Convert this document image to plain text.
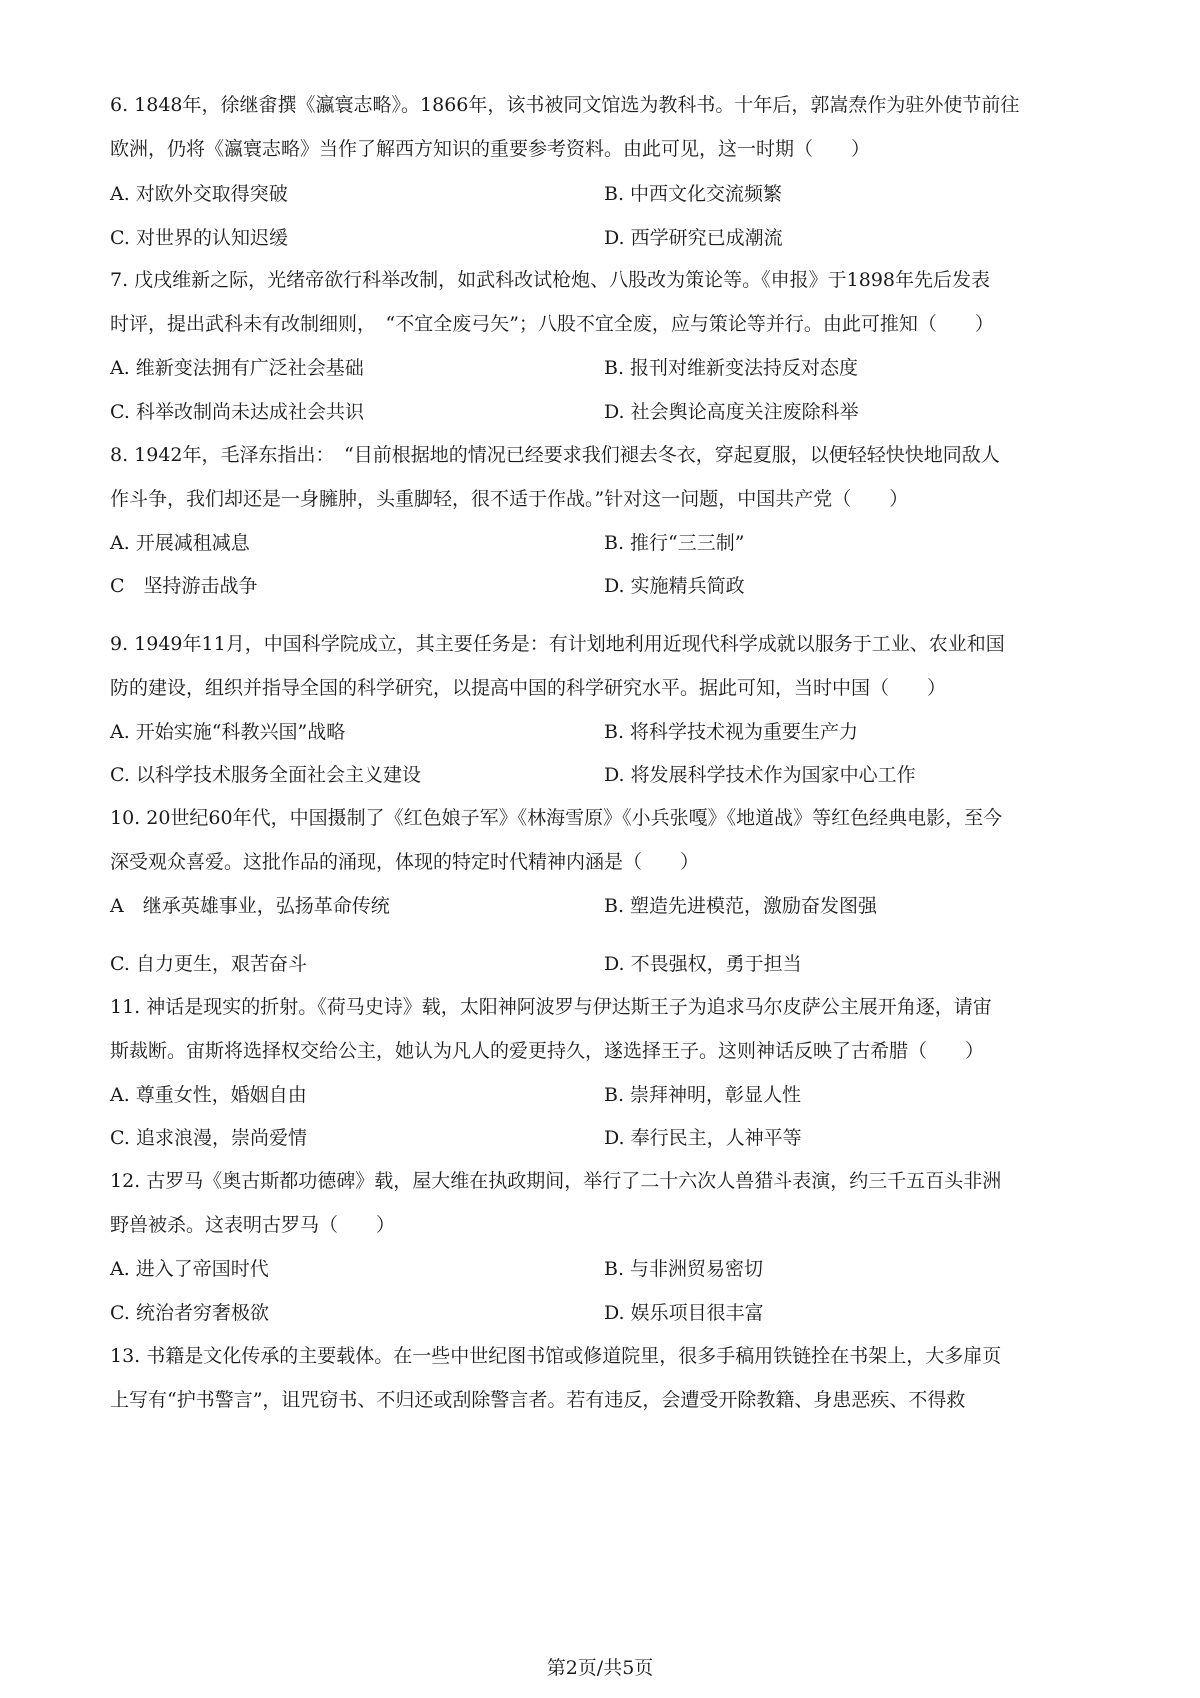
6. 1848年，徐继畬撰《瀛寰志略》。1866年，该书被同文馆选为教科书。十年后，郭嵩焘作为驻外使节前往
欧洲，仍将《瀛寰志略》当作了解西方知识的重要参考资料。由此可见，这一时期（　　）
A. 对欧外交取得突破	B. 中西文化交流频繁
C. 对世界的认知迟缓	D. 西学研究已成潮流
7. 戊戌维新之际，光绪帝欲行科举改制，如武科改试枪炮、八股改为策论等。《申报》于1898年先后发表
时评，提出武科未有改制细则，　“不宜全废弓矢”；八股不宜全废，应与策论等并行。由此可推知（　　）
A. 维新变法拥有广泛社会基础	B. 报刊对维新变法持反对态度
C. 科举改制尚未达成社会共识	D. 社会舆论高度关注废除科举
8. 1942年，毛泽东指出：　“目前根据地的情况已经要求我们褪去冬衣，穿起夏服，以便轻轻快快地同敌人
作斗争，我们却还是一身臃肿，头重脚轻，很不适于作战。”针对这一问题，中国共产党（　　）
A. 开展减租减息	B. 推行“三三制”
C　坚持游击战争	D. 实施精兵简政
9. 1949年11月，中国科学院成立，其主要任务是：有计划地利用近现代科学成就以服务于工业、农业和国
防的建设，组织并指导全国的科学研究，以提高中国的科学研究水平。据此可知，当时中国（　　）
A. 开始实施“科教兴国”战略	B. 将科学技术视为重要生产力
C. 以科学技术服务全面社会主义建设	D. 将发展科学技术作为国家中心工作
10. 20世纪60年代，中国摄制了《红色娘子军》《林海雪原》《小兵张嘎》《地道战》等红色经典电影，至今
深受观众喜爱。这批作品的涌现，体现的特定时代精神内涵是（　　）
A　继承英雄事业，弘扬革命传统	B. 塑造先进模范，激励奋发图强
C. 自力更生，艰苦奋斗	D. 不畏强权，勇于担当
11. 神话是现实的折射。《荷马史诗》载，太阳神阿波罗与伊达斯王子为追求马尔皮萨公主展开角逐，请宙
斯裁断。宙斯将选择权交给公主，她认为凡人的爱更持久，遂选择王子。这则神话反映了古希腊（　　）
A. 尊重女性，婚姻自由	B. 崇拜神明，彰显人性
C. 追求浪漫，崇尚爱情	D. 奉行民主，人神平等
12. 古罗马《奥古斯都功德碑》载，屋大维在执政期间，举行了二十六次人兽猎斗表演，约三千五百头非洲
野兽被杀。这表明古罗马（　　）
A. 进入了帝国时代	B. 与非洲贸易密切
C. 统治者穷奢极欲	D. 娱乐项目很丰富
13. 书籍是文化传承的主要载体。在一些中世纪图书馆或修道院里，很多手稿用铁链拴在书架上，大多扉页
上写有“护书警言”，诅咒窃书、不归还或刮除警言者。若有违反，会遭受开除教籍、身患恶疾、不得救
第2页/共5页
